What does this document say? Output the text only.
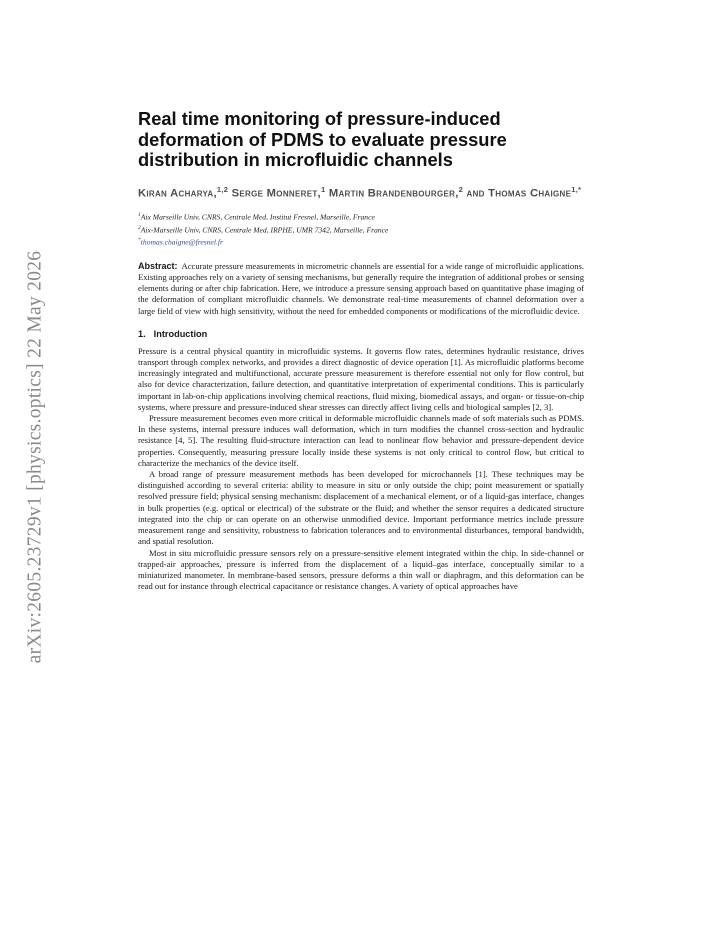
arXiv:2605.23729v1 [physics.optics] 22 May 2026
Real time monitoring of pressure-induced deformation of PDMS to evaluate pressure distribution in microfluidic channels
Kiran Acharya,$^{1,2}$ Serge Monneret,$^1$ Martin Brandenbourger,$^2$ and Thomas Chaigne$^{1,*}$
$^1$Aix Marseille Univ, CNRS, Centrale Med, Institut Fresnel, Marseille, France
$^2$Aix-Marseille Univ, CNRS, Centrale Med, IRPHE, UMR 7342, Marseille, France
*thomas.chaigne@fresnel.fr

Abstract: Accurate pressure measurements in micrometric channels are essential for a wide range of microfluidic applications. Existing approaches rely on a variety of sensing mechanisms, but generally require the integration of additional probes or sensing elements during or after chip fabrication. Here, we introduce a pressure sensing approach based on quantitative phase imaging of the deformation of compliant microfluidic channels. We demonstrate real-time measurements of channel deformation over a large field of view with high sensitivity, without the need for embedded components or modifications of the microfluidic device.

1. Introduction

Pressure is a central physical quantity in microfluidic systems. It governs flow rates, determines hydraulic resistance, drives transport through complex networks, and provides a direct diagnostic of device operation [1]. As microfluidic platforms become increasingly integrated and multifunctional, accurate pressure measurement is therefore essential not only for flow control, but also for device characterization, failure detection, and quantitative interpretation of experimental conditions. This is particularly important in lab-on-chip applications involving chemical reactions, fluid mixing, biomedical assays, and organ- or tissue-on-chip systems, where pressure and pressure-induced shear stresses can directly affect living cells and biological samples [2, 3].

Pressure measurement becomes even more critical in deformable microfluidic channels made of soft materials such as PDMS. In these systems, internal pressure induces wall deformation, which in turn modifies the channel cross-section and hydraulic resistance [4, 5]. The resulting fluid-structure interaction can lead to nonlinear flow behavior and pressure-dependent device properties. Consequently, measuring pressure locally inside these systems is not only critical to control flow, but critical to characterize the mechanics of the device itself.

A broad range of pressure measurement methods has been developed for microchannels [1]. These techniques may be distinguished according to several criteria: ability to measure in situ or only outside the chip; point measurement or spatially resolved pressure field; physical sensing mechanism: displacement of a mechanical element, or of a liquid-gas interface, changes in bulk properties (e.g. optical or electrical) of the substrate or the fluid; and whether the sensor requires a dedicated structure integrated into the chip or can operate on an otherwise unmodified device. Important performance metrics include pressure measurement range and sensitivity, robustness to fabrication tolerances and to environmental disturbances, temporal bandwidth, and spatial resolution.

Most in situ microfluidic pressure sensors rely on a pressure-sensitive element integrated within the chip. In side-channel or trapped-air approaches, pressure is inferred from the displacement of a liquid–gas interface, conceptually similar to a miniaturized manometer. In membrane-based sensors, pressure deforms a thin wall or diaphragm, and this deformation can be read out for instance through electrical capacitance or resistance changes. A variety of optical approaches have
